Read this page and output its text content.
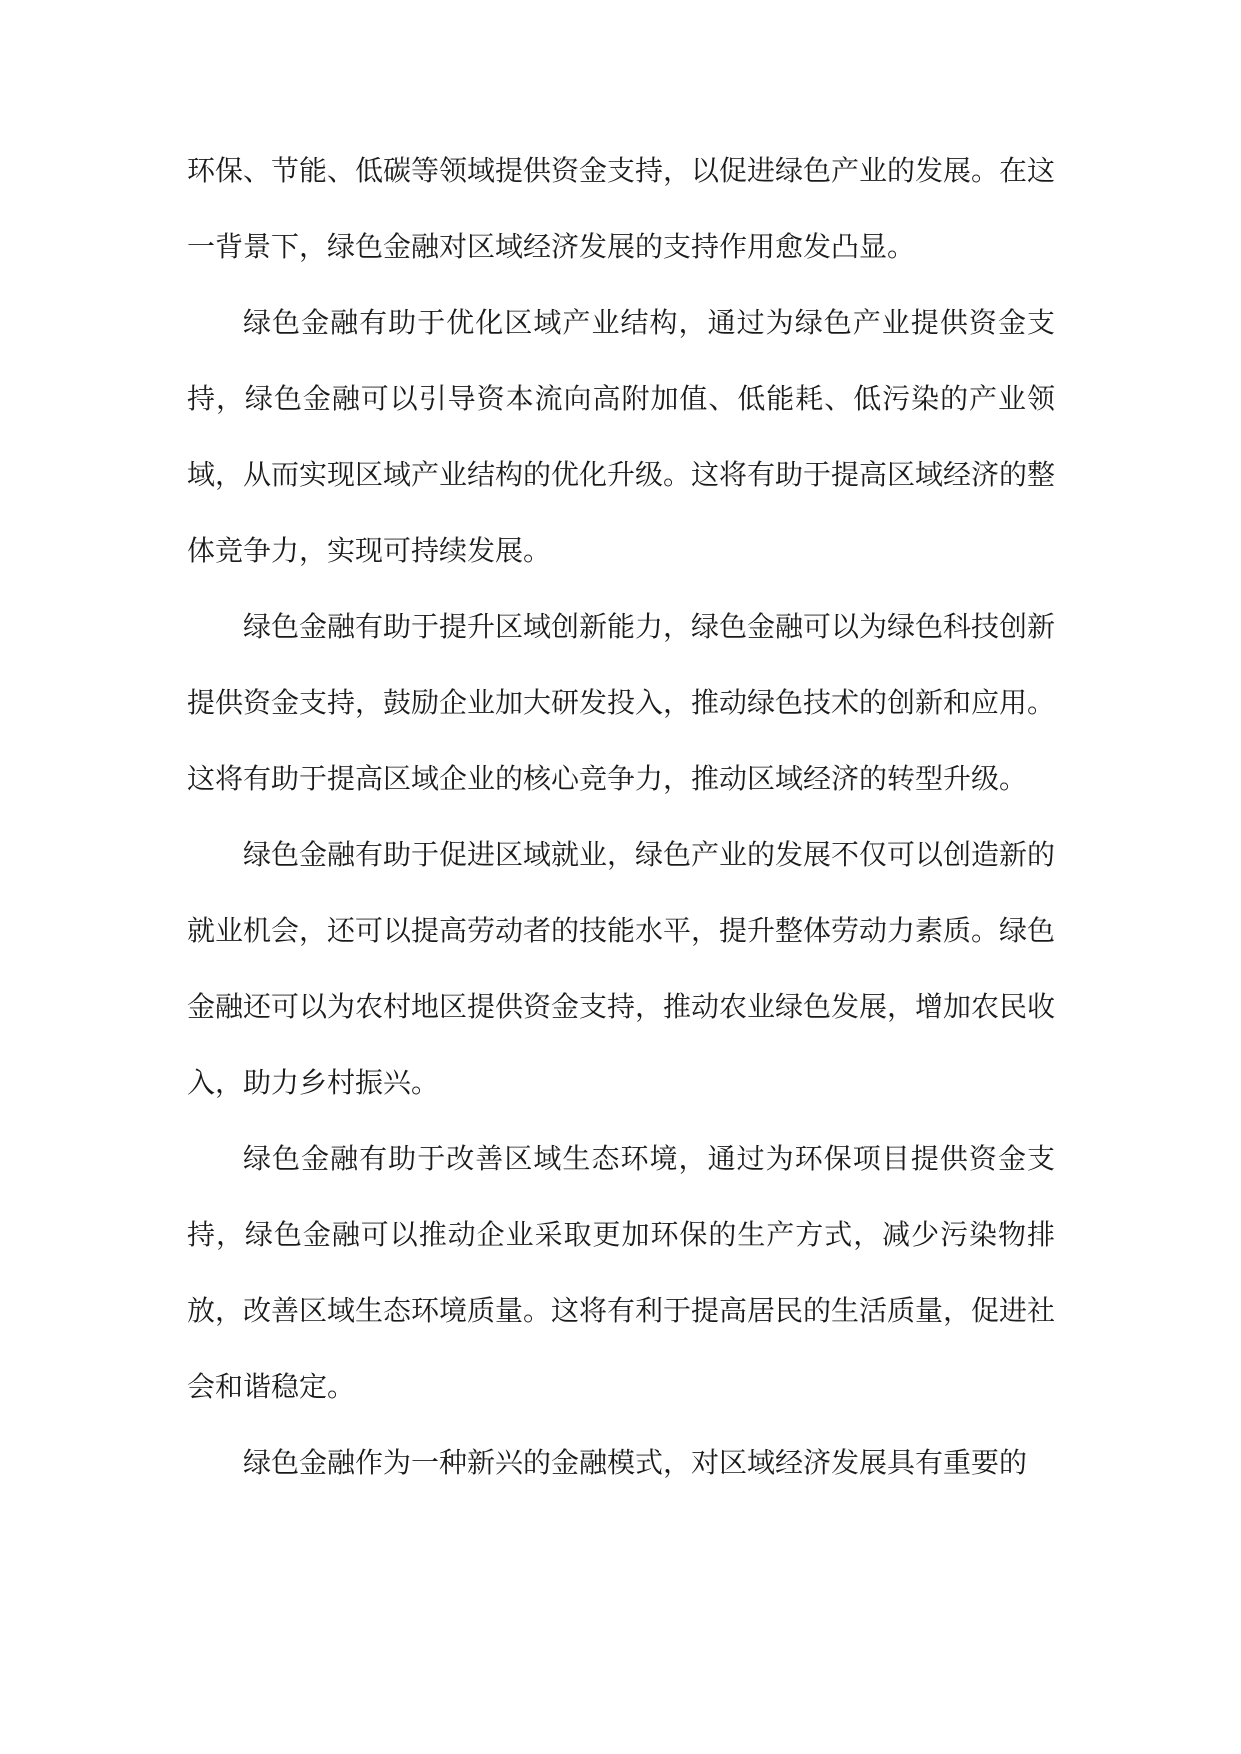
环保、节能、低碳等领域提供资金支持，以促进绿色产业的发展。在这一背景下，绿色金融对区域经济发展的支持作用愈发凸显。

绿色金融有助于优化区域产业结构，通过为绿色产业提供资金支持，绿色金融可以引导资本流向高附加值、低能耗、低污染的产业领域，从而实现区域产业结构的优化升级。这将有助于提高区域经济的整体竞争力，实现可持续发展。

绿色金融有助于提升区域创新能力，绿色金融可以为绿色科技创新提供资金支持，鼓励企业加大研发投入，推动绿色技术的创新和应用。这将有助于提高区域企业的核心竞争力，推动区域经济的转型升级。

绿色金融有助于促进区域就业，绿色产业的发展不仅可以创造新的就业机会，还可以提高劳动者的技能水平，提升整体劳动力素质。绿色金融还可以为农村地区提供资金支持，推动农业绿色发展，增加农民收入，助力乡村振兴。

绿色金融有助于改善区域生态环境，通过为环保项目提供资金支持，绿色金融可以推动企业采取更加环保的生产方式，减少污染物排放，改善区域生态环境质量。这将有利于提高居民的生活质量，促进社会和谐稳定。

绿色金融作为一种新兴的金融模式，对区域经济发展具有重要的
